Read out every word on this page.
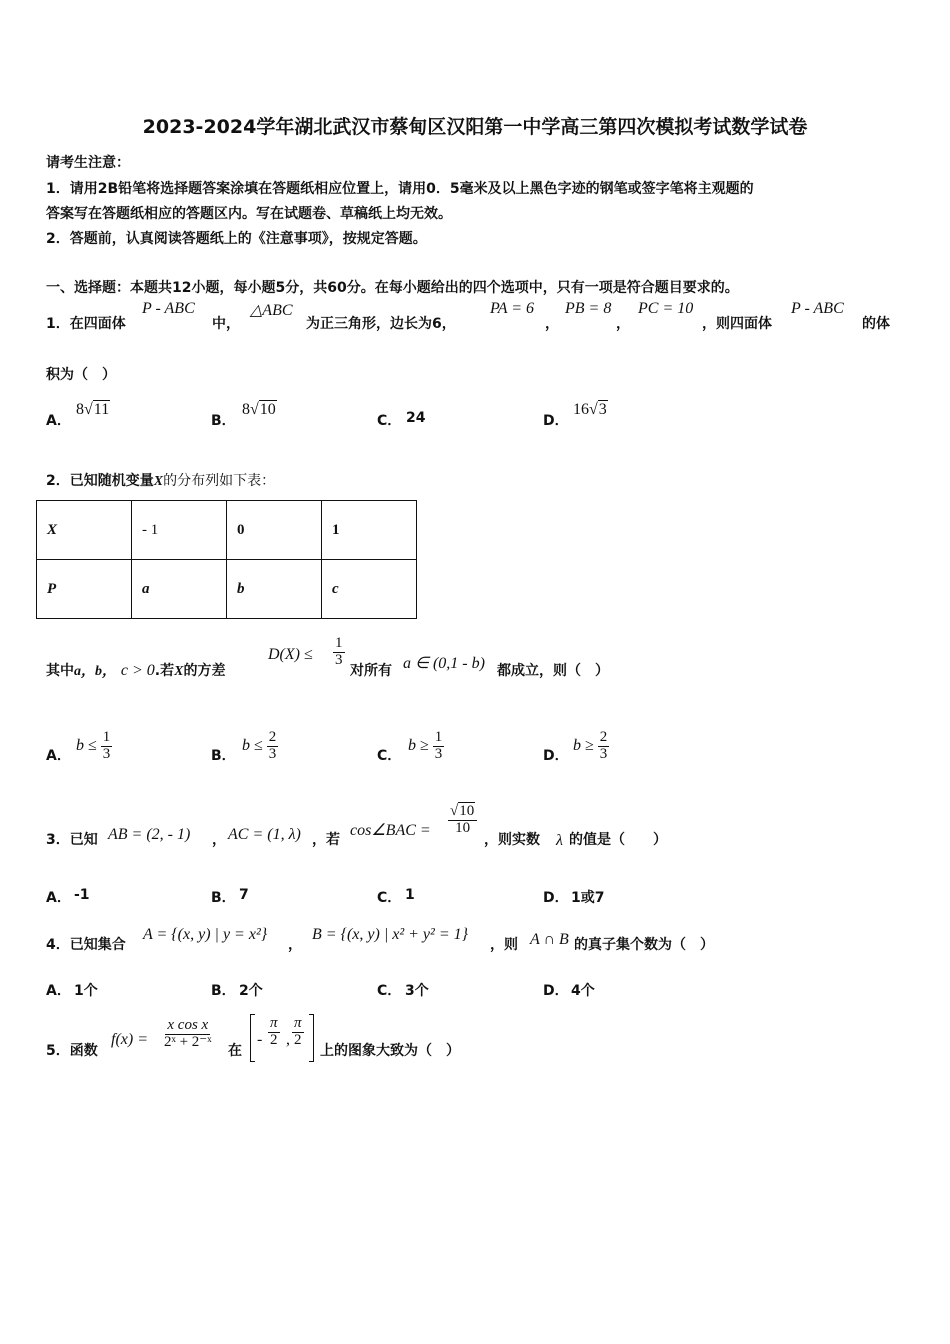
2023-2024学年湖北武汉市蔡甸区汉阳第一中学高三第四次模拟考试数学试卷
请考生注意：
1．请用2B铅笔将选择题答案涂填在答题纸相应位置上，请用0．5毫米及以上黑色字迹的钢笔或签字笔将主观题的
答案写在答题纸相应的答题区内。写在试题卷、草稿纸上均无效。
2．答题前，认真阅读答题纸上的《注意事项》，按规定答题。
一、选择题：本题共12小题，每小题5分，共60分。在每小题给出的四个选项中，只有一项是符合题目要求的。
1．在四面体
P - ABC
中，
△ABC
为正三角形，边长为6，
PA = 6
，
PB = 8
，
PC = 10
，则四面体
P - ABC
的体
积为（　）
A．
8√11
B．
8√10
C． 24	D．
16√3
2．已知随机变量X的分布列如下表：
X	- 1	0	1
P	a	b	c
其中a，b， c > 0.若X的方差
$D(X) \le \frac{1}{3}$
对所有 a ∈ (0,1 - b) 都成立，则（　）
A．
$b \le \frac{1}{3}$	B．
$b \le \frac{2}{3}$	C．
$b \ge \frac{1}{3}$	D．
$b \ge \frac{2}{3}$
3．已知 AB = (2, - 1) ， AC = (1, λ) ，若
cos∠BAC = $\frac{√10}{10}$
，则实数 λ 的值是（　　）
A． -1	B． 7	C． 1	D． 1或7
4．已知集合
A = {(x, y) | y = x²}
，
B = {(x, y) | x² + y² = 1}
，则 A ∩ B 的真子集个数为（　）
A． 1个	B． 2个	C． 3个	D． 4个
5．函数
$f(x) = \frac{\text{x cos x}}{\text{2ˣ + 2⁻ˣ}}$
在
- $\frac{\pi}{2}$ , $\frac{\pi}{2}$
上的图象大致为（　）
